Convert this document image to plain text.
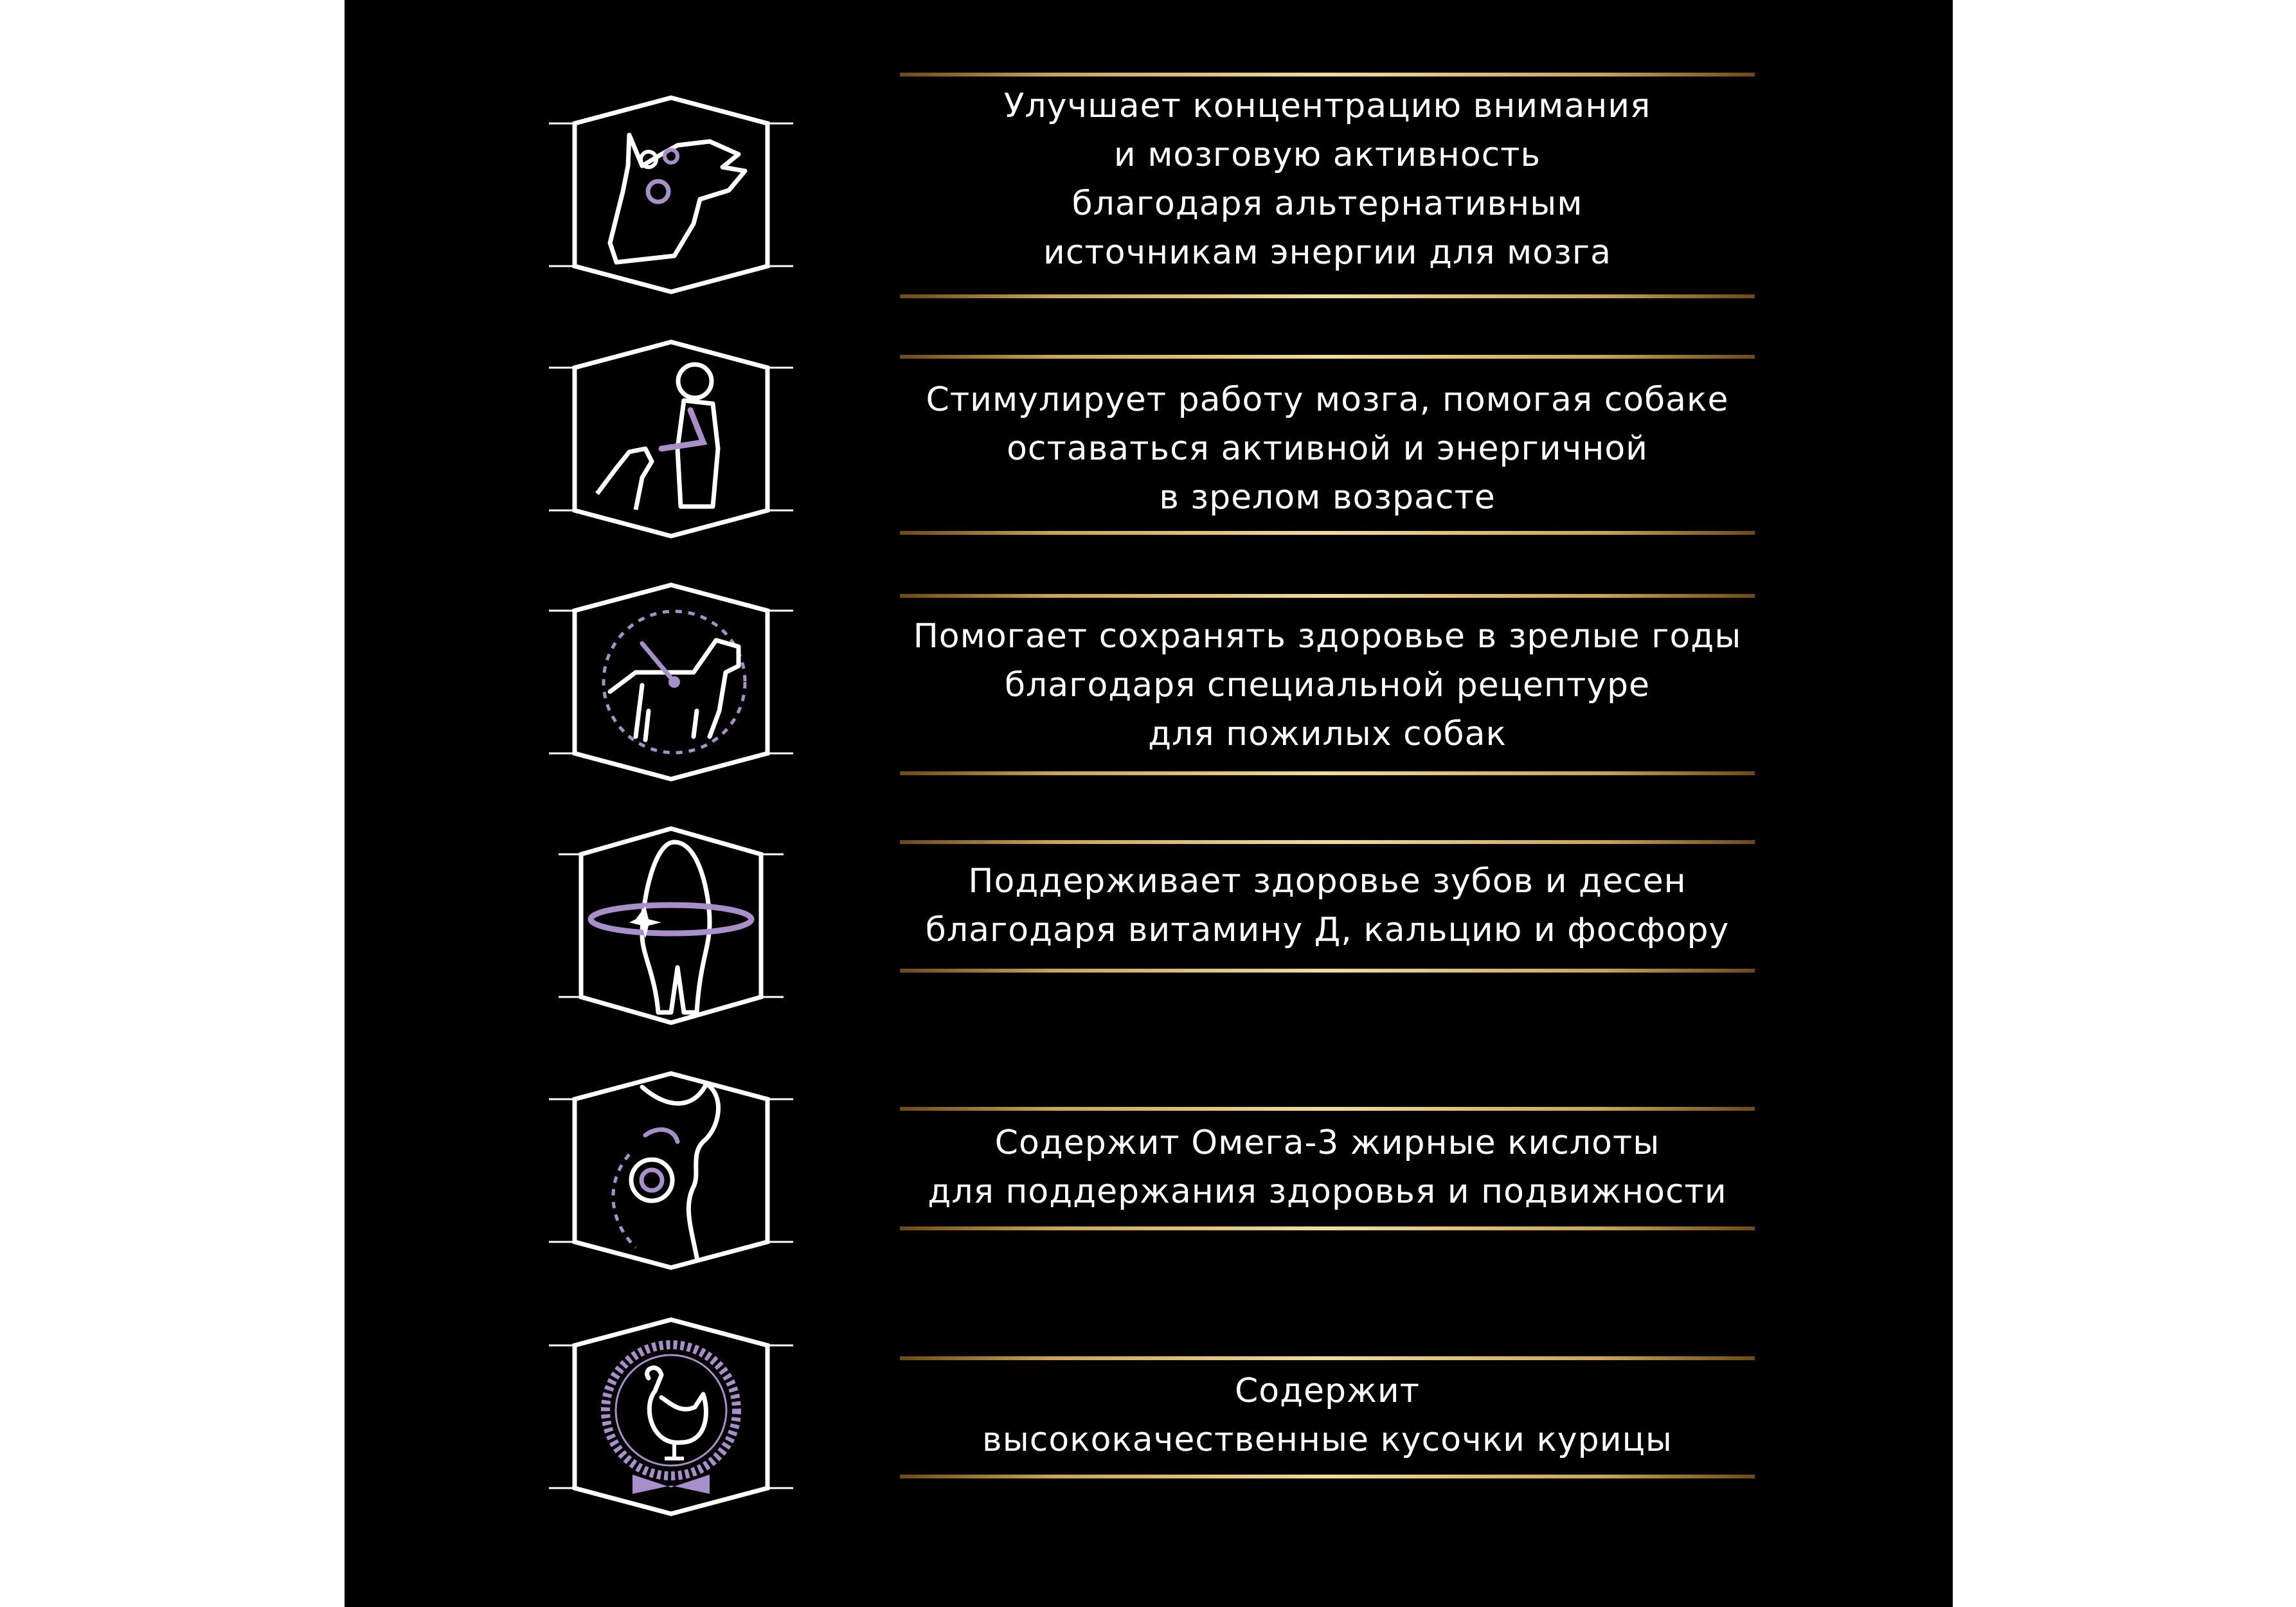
Улучшает концентрацию внимания
и мозговую активность
благодаря альтернативным
источникам энергии для мозга
Стимулирует работу мозга, помогая собаке
оставаться активной и энергичной
в зрелом возрасте
Помогает сохранять здоровье в зрелые годы
благодаря специальной рецептуре
для пожилых собак
Поддерживает здоровье зубов и десен
благодаря витамину Д, кальцию и фосфору
Содержит Омега-3 жирные кислоты
для поддержания здоровья и подвижности
Содержит
высококачественные кусочки курицы
